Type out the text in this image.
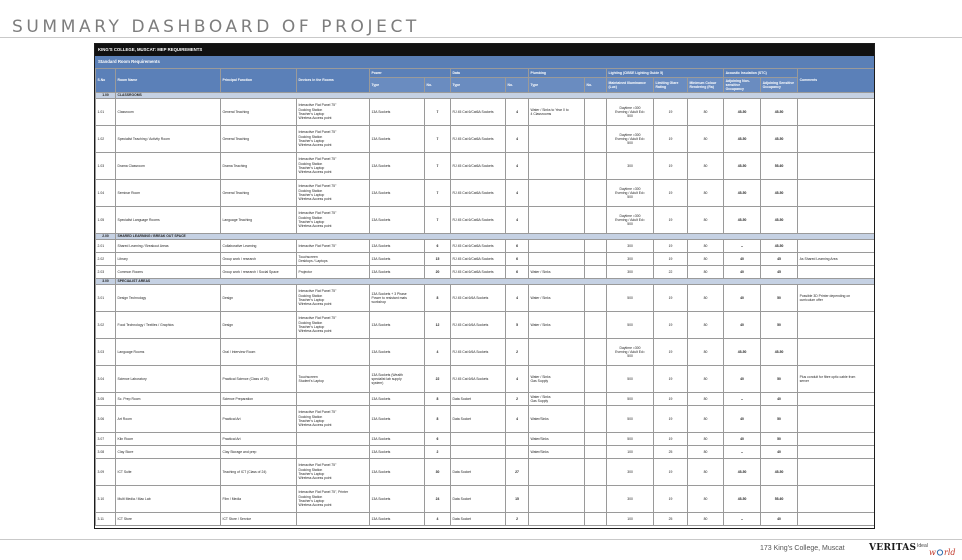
SUMMARY DASHBOARD OF PROJECT
KING'S COLLEGE, MUSCAT: MEP REQUIREMENTS
Standard Room Requirements
S.No	Room Name	Principal Function	Devices in the Rooms	Power		Data		Plumbing		Lighting (CIBSE Lighting Guide 5)			Acoustic Insulation (STC)		Comments
				Type	No.	Type	No.	Type	No.	Maintained Illuminance (Lux)	Limiting Glare Rating	Minimum Colour Rendering (Ra)	Adjoining Non-sensitive Occupancy	Adjoining Sensitive Occupancy	
1.00	CLASSROOMS														
1.01	Classroom	General Teaching	Interactive Flat Panel 75"
Docking Station
Teacher's Laptop
Wireless Access point	13A Sockets	7	RJ 45 Cat 6/Cat6A Sockets	4	Water / Sinks to Year 0 to
4 Classrooms		Daytime =300
Evening / Adult Ed=
500	19	80	45-50	45-50	
1.02	Specialist Teaching / Activity Room	General Teaching	Interactive Flat Panel 75"
Docking Station
Teacher's Laptop
Wireless Access point	13A Sockets	7	RJ 45 Cat 6/Cat6A Sockets	4			Daytime =300
Evening / Adult Ed=
500	19	80	45-50	45-50	
1.03	Drama Classroom	Drama Teaching	Interactive Flat Panel 75"
Docking Station
Teacher's Laptop
Wireless Access point	13A Sockets	7	RJ 45 Cat 6/Cat6A Sockets	4			300	19	80	45-50	55-60	
1.04	Seminar Room	General Teaching	Interactive Flat Panel 75"
Docking Station
Teacher's Laptop
Wireless Access point	13A Sockets	7	RJ 45 Cat 6/Cat6A Sockets	4			Daytime =300
Evening / Adult Ed=
500	19	80	45-50	45-50	
1.05	Specialist Language Rooms	Language Teaching	Interactive Flat Panel 75"
Docking Station
Teacher's Laptop
Wireless Access point	13A Sockets	7	RJ 45 Cat 6/Cat6A Sockets	4			Daytime =300
Evening / Adult Ed=
500	19	80	45-50	45-50	
2.00	SHARED LEARNING / BREAK OUT SPACE														
2.01	Shared Learning / Breakout Areas	Collaborative Learning	Interactive Flat Panel 75"	13A Sockets	6	RJ 45 Cat 6/Cat6A Sockets	6			300	19	80	--	45-50	
2.02	Library	Group work / research	Touchscreen
Desktops / Laptops	13A Sockets	15	RJ 45 Cat 6/Cat6A Sockets	6			300	19	80	40	45	As Shared Learning Area

2.03	Common Rooms	Group work / research / Social Space	Projector	13A Sockets	20	RJ 45 Cat 6/Cat6A Sockets	6	Water / Sinks		300	22	80	40	45	
3.00	SPECIALIST AREAS														
3.01	Design Technology	Design	Interactive Flat Panel 75"
Docking Station
Teacher's Laptop
Wireless Access point	13A Sockets + 3 Phase
Power to resistant mats
workshop	8	RJ 45 Cat 6/6A Sockets	4	Water / Sinks		500	19	80	40	50	Possible 3D Printer depending on
curriculum offer

3.02	Food Technology / Textiles / Graphics	Design	Interactive Flat Panel 75"
Docking Station
Teacher's Laptop
Wireless Access point	13A Sockets	12	RJ 45 Cat 6/6A Sockets	5	Water / Sinks		500	19	80	40	50	
3.03	Language Rooms	Oral / Interview Room		13A Sockets	4	RJ 45 Cat 6/6A Sockets	2			Daytime =300
Evening / Adult Ed=
500	19	80	45-50	45-50	
3.04	Science Laboratory	Practical Science (Class of 25)	Touchscreen
Student's Laptop	13A Sockets (Wealth
specialist lab supply
system)	22	RJ 45 Cat 6/6A Sockets	4	Water / Sinks
Gas Supply		500	19	80	40	50	Plus conduit for fibre optic cable from
server

3.05	Sc. Prep Room	Science Preparation		13A Sockets	8	Data Socket	2	Water / Sinks
Gas Supply		500	19	80	--	40	
3.06	Art Room	Practical Art	Interactive Flat Panel 75"
Docking Station
Teacher's Laptop
Wireless Access point	13A Sockets	8	Data Socket	4	Water/Sinks		500	19	80	40	50	
3.07	Kiln Room	Practical Art		13A Sockets	6			Water/Sinks		500	19	80	40	50	
3.08	Clay Store	Clay Storage and prep		13A Sockets	2			Water/Sinks		100	25	80	--	40	
3.09	ICT Suite	Teaching of ICT (Class of 24)	Interactive Flat Panel 75"
Docking Station
Teacher's Laptop
Wireless Access point	13A Sockets	30	Data Socket	27			300	19	80	45-50	45-50	
3.10	Multi Media / Mac Lab	Film / Media	Interactive Flat Panel 75", Printer
Docking Station
Teacher's Laptop
Wireless Access point	13A Sockets	24	Data Socket	15			300	19	80	45-50	55-60	
3.11	ICT Store	ICT Store / Service		13A Sockets	4	Data Socket	2			100	25	80	--	40	
173 King's College, Muscat	VERITAS Ideal
w rld
